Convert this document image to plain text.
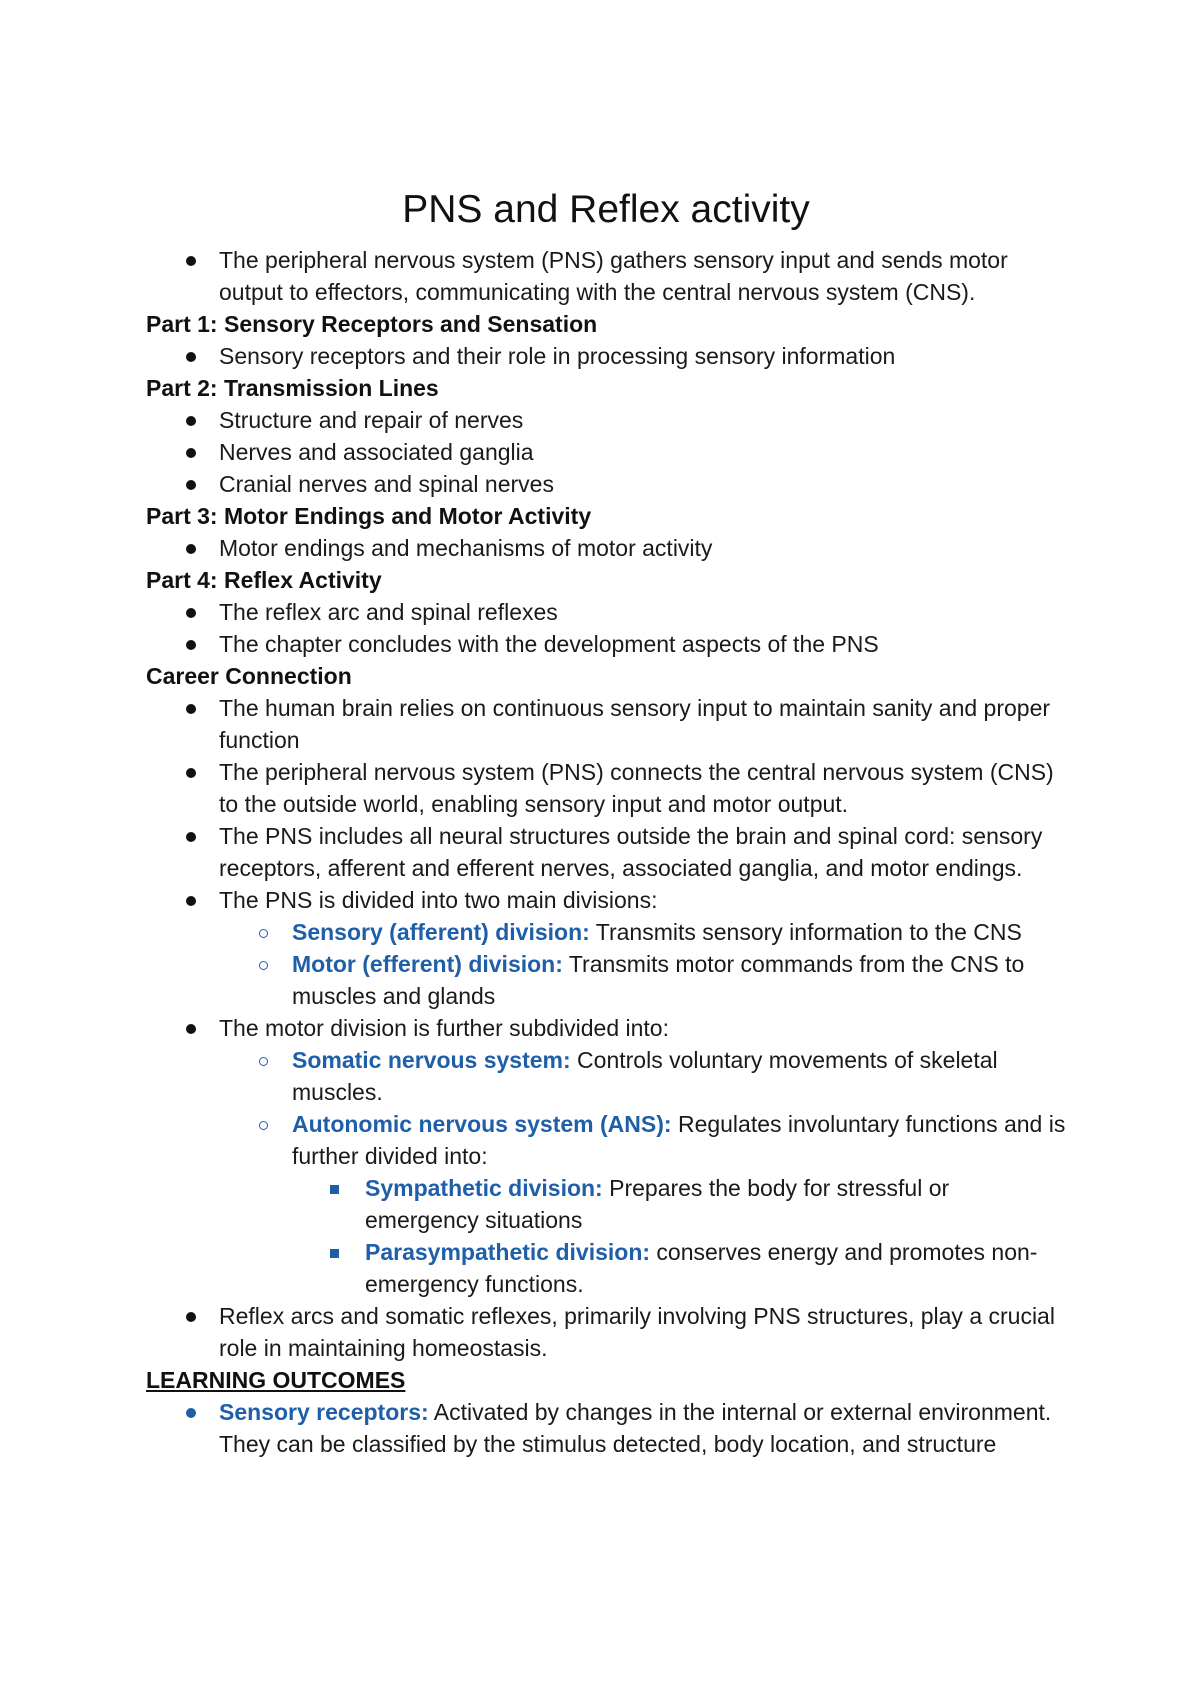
PNS and Reflex activity
The peripheral nervous system (PNS) gathers sensory input and sends motor output to effectors, communicating with the central nervous system (CNS).

Part 1: Sensory Receptors and Sensation

Sensory receptors and their role in processing sensory information

Part 2: Transmission Lines

Structure and repair of nerves
Nerves and associated ganglia
Cranial nerves and spinal nerves

Part 3: Motor Endings and Motor Activity

Motor endings and mechanisms of motor activity

Part 4: Reflex Activity

The reflex arc and spinal reflexes
The chapter concludes with the development aspects of the PNS

Career Connection

The human brain relies on continuous sensory input to maintain sanity and proper function
The peripheral nervous system (PNS) connects the central nervous system (CNS) to the outside world, enabling sensory input and motor output.
The PNS includes all neural structures outside the brain and spinal cord: sensory receptors, afferent and efferent nerves, associated ganglia, and motor endings.
The PNS is divided into two main divisions:
Sensory (afferent) division: Transmits sensory information to the CNS
Motor (efferent) division: Transmits motor commands from the CNS to muscles and glands
The motor division is further subdivided into:
Somatic nervous system: Controls voluntary movements of skeletal muscles.
Autonomic nervous system (ANS): Regulates involuntary functions and is further divided into:
Sympathetic division: Prepares the body for stressful or emergency situations
Parasympathetic division: conserves energy and promotes non-emergency functions.
Reflex arcs and somatic reflexes, primarily involving PNS structures, play a crucial role in maintaining homeostasis.

LEARNING OUTCOMES

Sensory receptors: Activated by changes in the internal or external environment. They can be classified by the stimulus detected, body location, and structure
